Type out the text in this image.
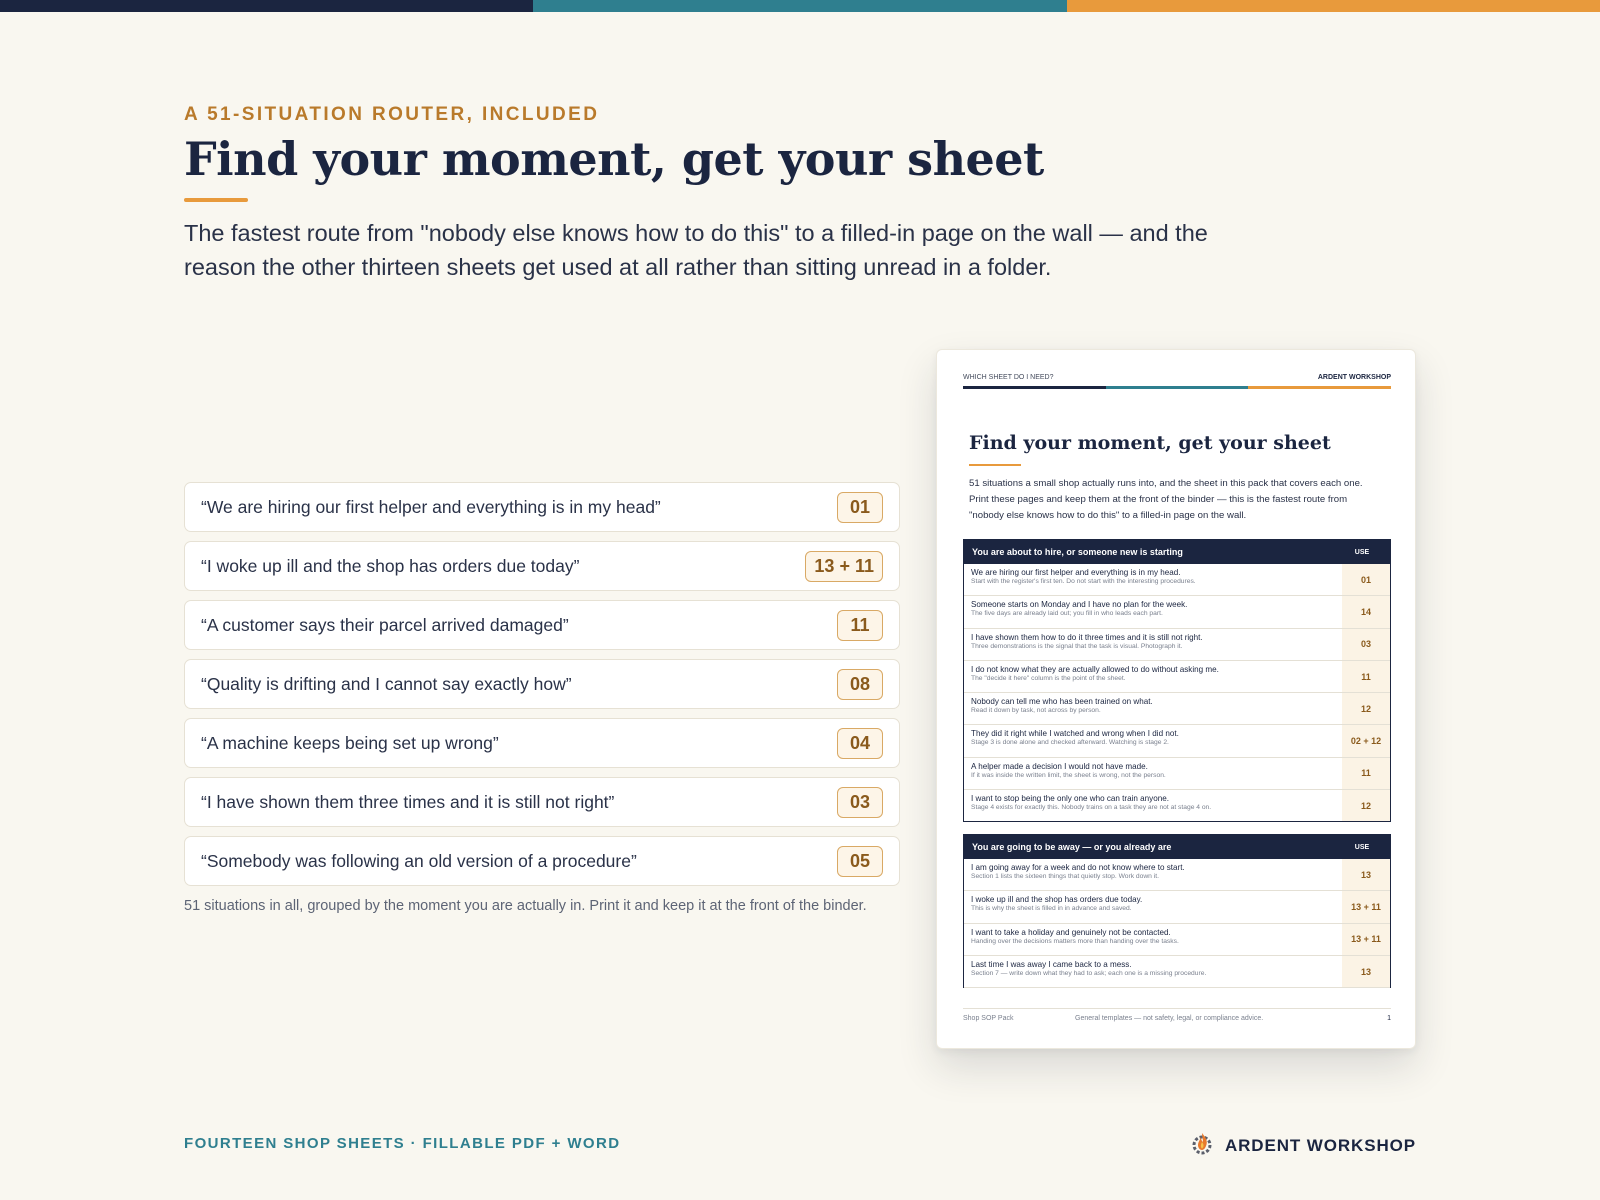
A 51-SITUATION ROUTER, INCLUDED
Find your moment, get your sheet

The fastest route from "nobody else knows how to do this" to a filled-in page on the wall — and the reason the other thirteen sheets get used at all rather than sitting unread in a folder.

“We are hiring our first helper and everything is in my head”	01
“I woke up ill and the shop has orders due today”	13 + 11
“A customer says their parcel arrived damaged”	11
“Quality is drifting and I cannot say exactly how”	08
“A machine keeps being set up wrong”	04
“I have shown them three times and it is still not right”	03
“Somebody was following an old version of a procedure”	05
51 situations in all, grouped by the moment you are actually in. Print it and keep it at the front of the binder.
WHICH SHEET DO I NEED?	ARDENT WORKSHOP
Find your moment, get your sheet
51 situations a small shop actually runs into, and the sheet in this pack that covers each one. Print these pages and keep them at the front of the binder — this is the fastest route from "nobody else knows how to do this" to a filled-in page on the wall.
You are about to hire, or someone new is starting	USE
We are hiring our first helper and everything is in my head.
Start with the register's first ten. Do not start with the interesting procedures.	01
Someone starts on Monday and I have no plan for the week.
The five days are already laid out; you fill in who leads each part.	14
I have shown them how to do it three times and it is still not right.
Three demonstrations is the signal that the task is visual. Photograph it.	03
I do not know what they are actually allowed to do without asking me.
The "decide it here" column is the point of the sheet.	11
Nobody can tell me who has been trained on what.
Read it down by task, not across by person.	12
They did it right while I watched and wrong when I did not.
Stage 3 is done alone and checked afterward. Watching is stage 2.	02 + 12
A helper made a decision I would not have made.
If it was inside the written limit, the sheet is wrong, not the person.	11
I want to stop being the only one who can train anyone.
Stage 4 exists for exactly this. Nobody trains on a task they are not at stage 4 on.	12
You are going to be away — or you already are	USE
I am going away for a week and do not know where to start.
Section 1 lists the sixteen things that quietly stop. Work down it.	13
I woke up ill and the shop has orders due today.
This is why the sheet is filled in in advance and saved.	13 + 11
I want to take a holiday and genuinely not be contacted.
Handing over the decisions matters more than handing over the tasks.	13 + 11
Last time I was away I came back to a mess.
Section 7 — write down what they had to ask; each one is a missing procedure.	13
Shop SOP Pack	General templates — not safety, legal, or compliance advice.	1
FOURTEEN SHOP SHEETS · FILLABLE PDF + WORD	ARDENT WORKSHOP
